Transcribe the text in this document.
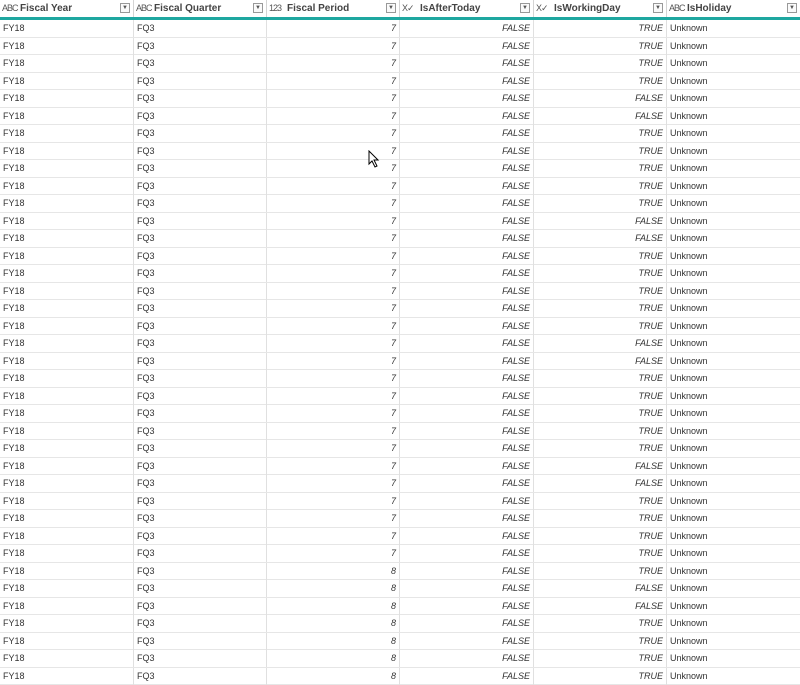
ABC Fiscal Year	▼ ABC Fiscal Quarter	▼ 123 Fiscal Period	▼ X✓ IsAfterToday	▼ X✓ IsWorkingDay	▼ ABC IsHoliday	▼
FY18	FQ3	7	FALSE	TRUE Unknown
FY18	FQ3	7	FALSE	TRUE Unknown
FY18	FQ3	7	FALSE	TRUE Unknown
FY18	FQ3	7	FALSE	TRUE Unknown
FY18	FQ3	7	FALSE	FALSE Unknown
FY18	FQ3	7	FALSE	FALSE Unknown
FY18	FQ3	7	FALSE	TRUE Unknown
FY18	FQ3	7	FALSE	TRUE Unknown
FY18	FQ3	7	FALSE	TRUE Unknown
FY18	FQ3	7	FALSE	TRUE Unknown
FY18	FQ3	7	FALSE	TRUE Unknown
FY18	FQ3	7	FALSE	FALSE Unknown
FY18	FQ3	7	FALSE	FALSE Unknown
FY18	FQ3	7	FALSE	TRUE Unknown
FY18	FQ3	7	FALSE	TRUE Unknown
FY18	FQ3	7	FALSE	TRUE Unknown
FY18	FQ3	7	FALSE	TRUE Unknown
FY18	FQ3	7	FALSE	TRUE Unknown
FY18	FQ3	7	FALSE	FALSE Unknown
FY18	FQ3	7	FALSE	FALSE Unknown
FY18	FQ3	7	FALSE	TRUE Unknown
FY18	FQ3	7	FALSE	TRUE Unknown
FY18	FQ3	7	FALSE	TRUE Unknown
FY18	FQ3	7	FALSE	TRUE Unknown
FY18	FQ3	7	FALSE	TRUE Unknown
FY18	FQ3	7	FALSE	FALSE Unknown
FY18	FQ3	7	FALSE	FALSE Unknown
FY18	FQ3	7	FALSE	TRUE Unknown
FY18	FQ3	7	FALSE	TRUE Unknown
FY18	FQ3	7	FALSE	TRUE Unknown
FY18	FQ3	7	FALSE	TRUE Unknown
FY18	FQ3	8	FALSE	TRUE Unknown
FY18	FQ3	8	FALSE	FALSE Unknown
FY18	FQ3	8	FALSE	FALSE Unknown
FY18	FQ3	8	FALSE	TRUE Unknown
FY18	FQ3	8	FALSE	TRUE Unknown
FY18	FQ3	8	FALSE	TRUE Unknown
FY18	FQ3	8	FALSE	TRUE Unknown
